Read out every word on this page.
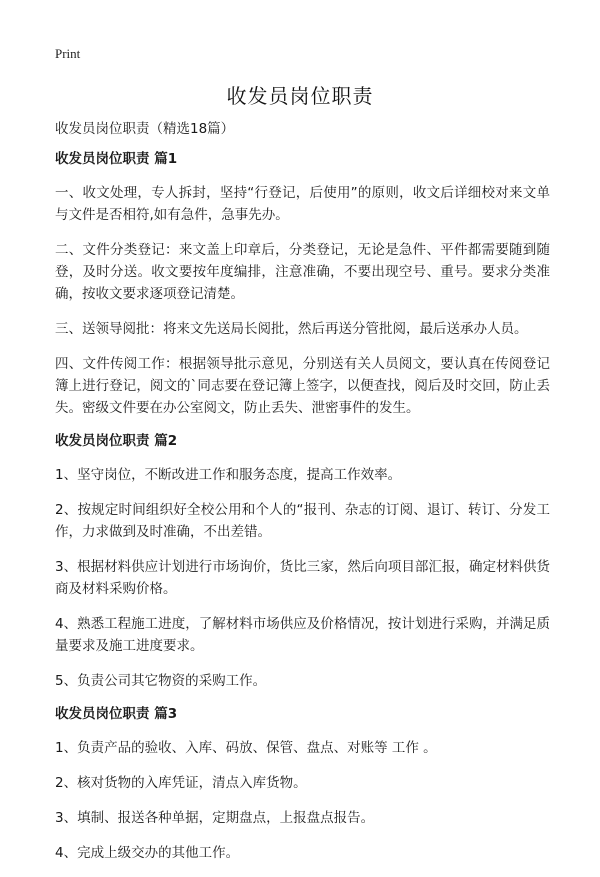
Print
收发员岗位职责

收发员岗位职责（精选18篇）

收发员岗位职责 篇1

一、收文处理，专人拆封，坚持“行登记，后使用”的原则，收文后详细校对来文单与文件是否相符,如有急件，急事先办。

二、文件分类登记：来文盖上印章后，分类登记，无论是急件、平件都需要随到随登，及时分送。收文要按年度编排，注意准确，不要出现空号、重号。要求分类准确，按收文要求逐项登记清楚。

三、送领导阅批：将来文先送局长阅批，然后再送分管批阅，最后送承办人员。

四、文件传阅工作：根据领导批示意见，分别送有关人员阅文，要认真在传阅登记簿上进行登记，阅文的`同志要在登记簿上签字，以便查找，阅后及时交回，防止丢失。密级文件要在办公室阅文，防止丢失、泄密事件的发生。

收发员岗位职责 篇2

1、坚守岗位，不断改进工作和服务态度，提高工作效率。

2、按规定时间组织好全校公用和个人的“报刊、杂志的订阅、退订、转订、分发工作，力求做到及时准确，不出差错。

3、根据材料供应计划进行市场询价，货比三家，然后向项目部汇报，确定材料供货商及材料采购价格。

4、熟悉工程施工进度，了解材料市场供应及价格情况，按计划进行采购，并满足质量要求及施工进度要求。

5、负责公司其它物资的采购工作。

收发员岗位职责 篇3

1、负责产品的验收、入库、码放、保管、盘点、对账等 工作 。

2、核对货物的入库凭证，清点入库货物。

3、填制、报送各种单据，定期盘点，上报盘点报告。

4、完成上级交办的其他工作。
